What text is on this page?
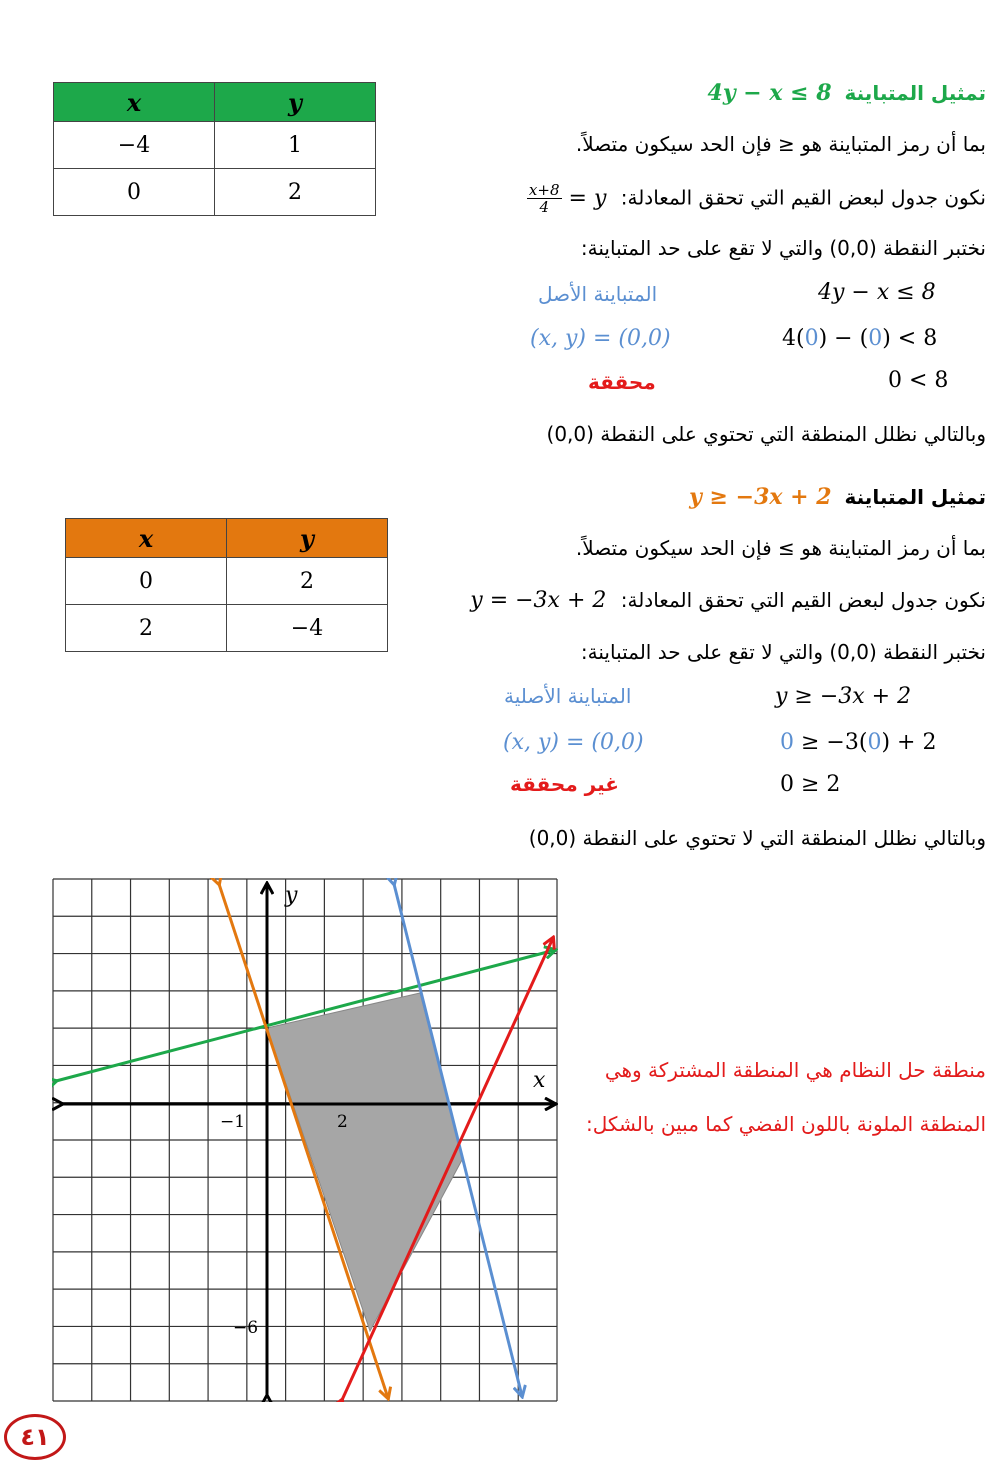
تمثيل المتباينة 4y − x ≤ 8
بما أن رمز المتباينة هو ≤ فإن الحد سيكون متصلاً.
نكون جدول لبعض القيم التي تحقق المعادلة: y =
$\frac{x+8}{4}$
نختبر النقطة (0,0) والتي لا تقع على حد المتباينة:
المتباينة الأصل	4y − x ≤ 8
(x, y) = (0,0)	4(0) − (0) < 8
محققة	0 < 8
وبالتالي نظلل المنطقة التي تحتوي على النقطة (0,0)
x	y
−4	1
0	2
تمثيل المتباينة y ≥ −3x + 2
بما أن رمز المتباينة هو ≥ فإن الحد سيكون متصلاً.
نكون جدول لبعض القيم التي تحقق المعادلة: y = −3x + 2
نختبر النقطة (0,0) والتي لا تقع على حد المتباينة:
المتباينة الأصلية	y ≥ −3x + 2
(x, y) = (0,0)	0 ≥ −3(0) + 2
غير محققة	0 ≥ 2
وبالتالي نظلل المنطقة التي لا تحتوي على النقطة (0,0)
x	y
0	2
2	−4
x
y
−1	2
−6
منطقة حل النظام هي المنطقة المشتركة وهي
المنطقة الملونة باللون الفضي كما مبين بالشكل:
٤١
